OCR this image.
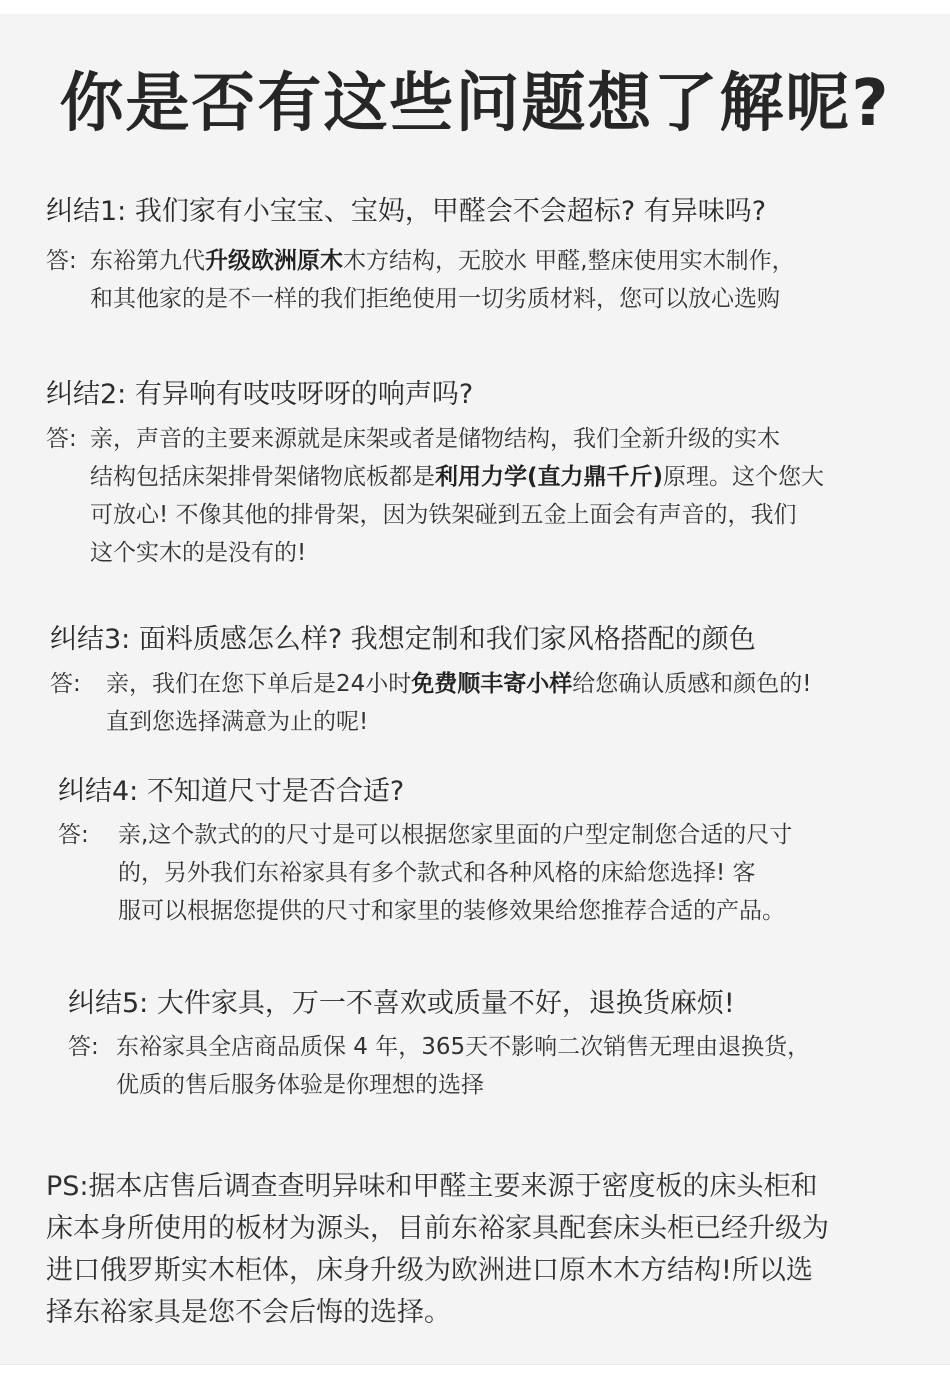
你是否有这些问题想了解呢?
纠结1: 我们家有小宝宝、宝妈，甲醛会不会超标? 有异味吗?
答: 东裕第九代升级欧洲原木木方结构，无胶水 甲醛,整床使用实木制作，
和其他家的是不一样的我们拒绝使用一切劣质材料，您可以放心选购
纠结2: 有异响有吱吱呀呀的响声吗?
答: 亲，声音的主要来源就是床架或者是储物结构，我们全新升级的实木
结构包括床架排骨架储物底板都是利用力学(直力鼎千斤)原理。这个您大
可放心! 不像其他的排骨架，因为铁架碰到五金上面会有声音的，我们
这个实木的是没有的!
纠结3: 面料质感怎么样? 我想定制和我们家风格搭配的颜色
答: 亲，我们在您下单后是24小时免费顺丰寄小样给您确认质感和颜色的!
直到您选择满意为止的呢!
纠结4: 不知道尺寸是否合适?
答: 亲,这个款式的的尺寸是可以根据您家里面的户型定制您合适的尺寸
的，另外我们东裕家具有多个款式和各种风格的床給您选择! 客
服可以根据您提供的尺寸和家里的装修效果给您推荐合适的产品。
纠结5: 大件家具，万一不喜欢或质量不好，退换货麻烦!
答: 东裕家具全店商品质保 4 年，365天不影响二次销售无理由退换货，
优质的售后服务体验是你理想的选择
PS:据本店售后调查查明异味和甲醛主要来源于密度板的床头柜和
床本身所使用的板材为源头，目前东裕家具配套床头柜已经升级为
进口俄罗斯实木柜体，床身升级为欧洲进口原木木方结构!所以选
择东裕家具是您不会后悔的选择。
